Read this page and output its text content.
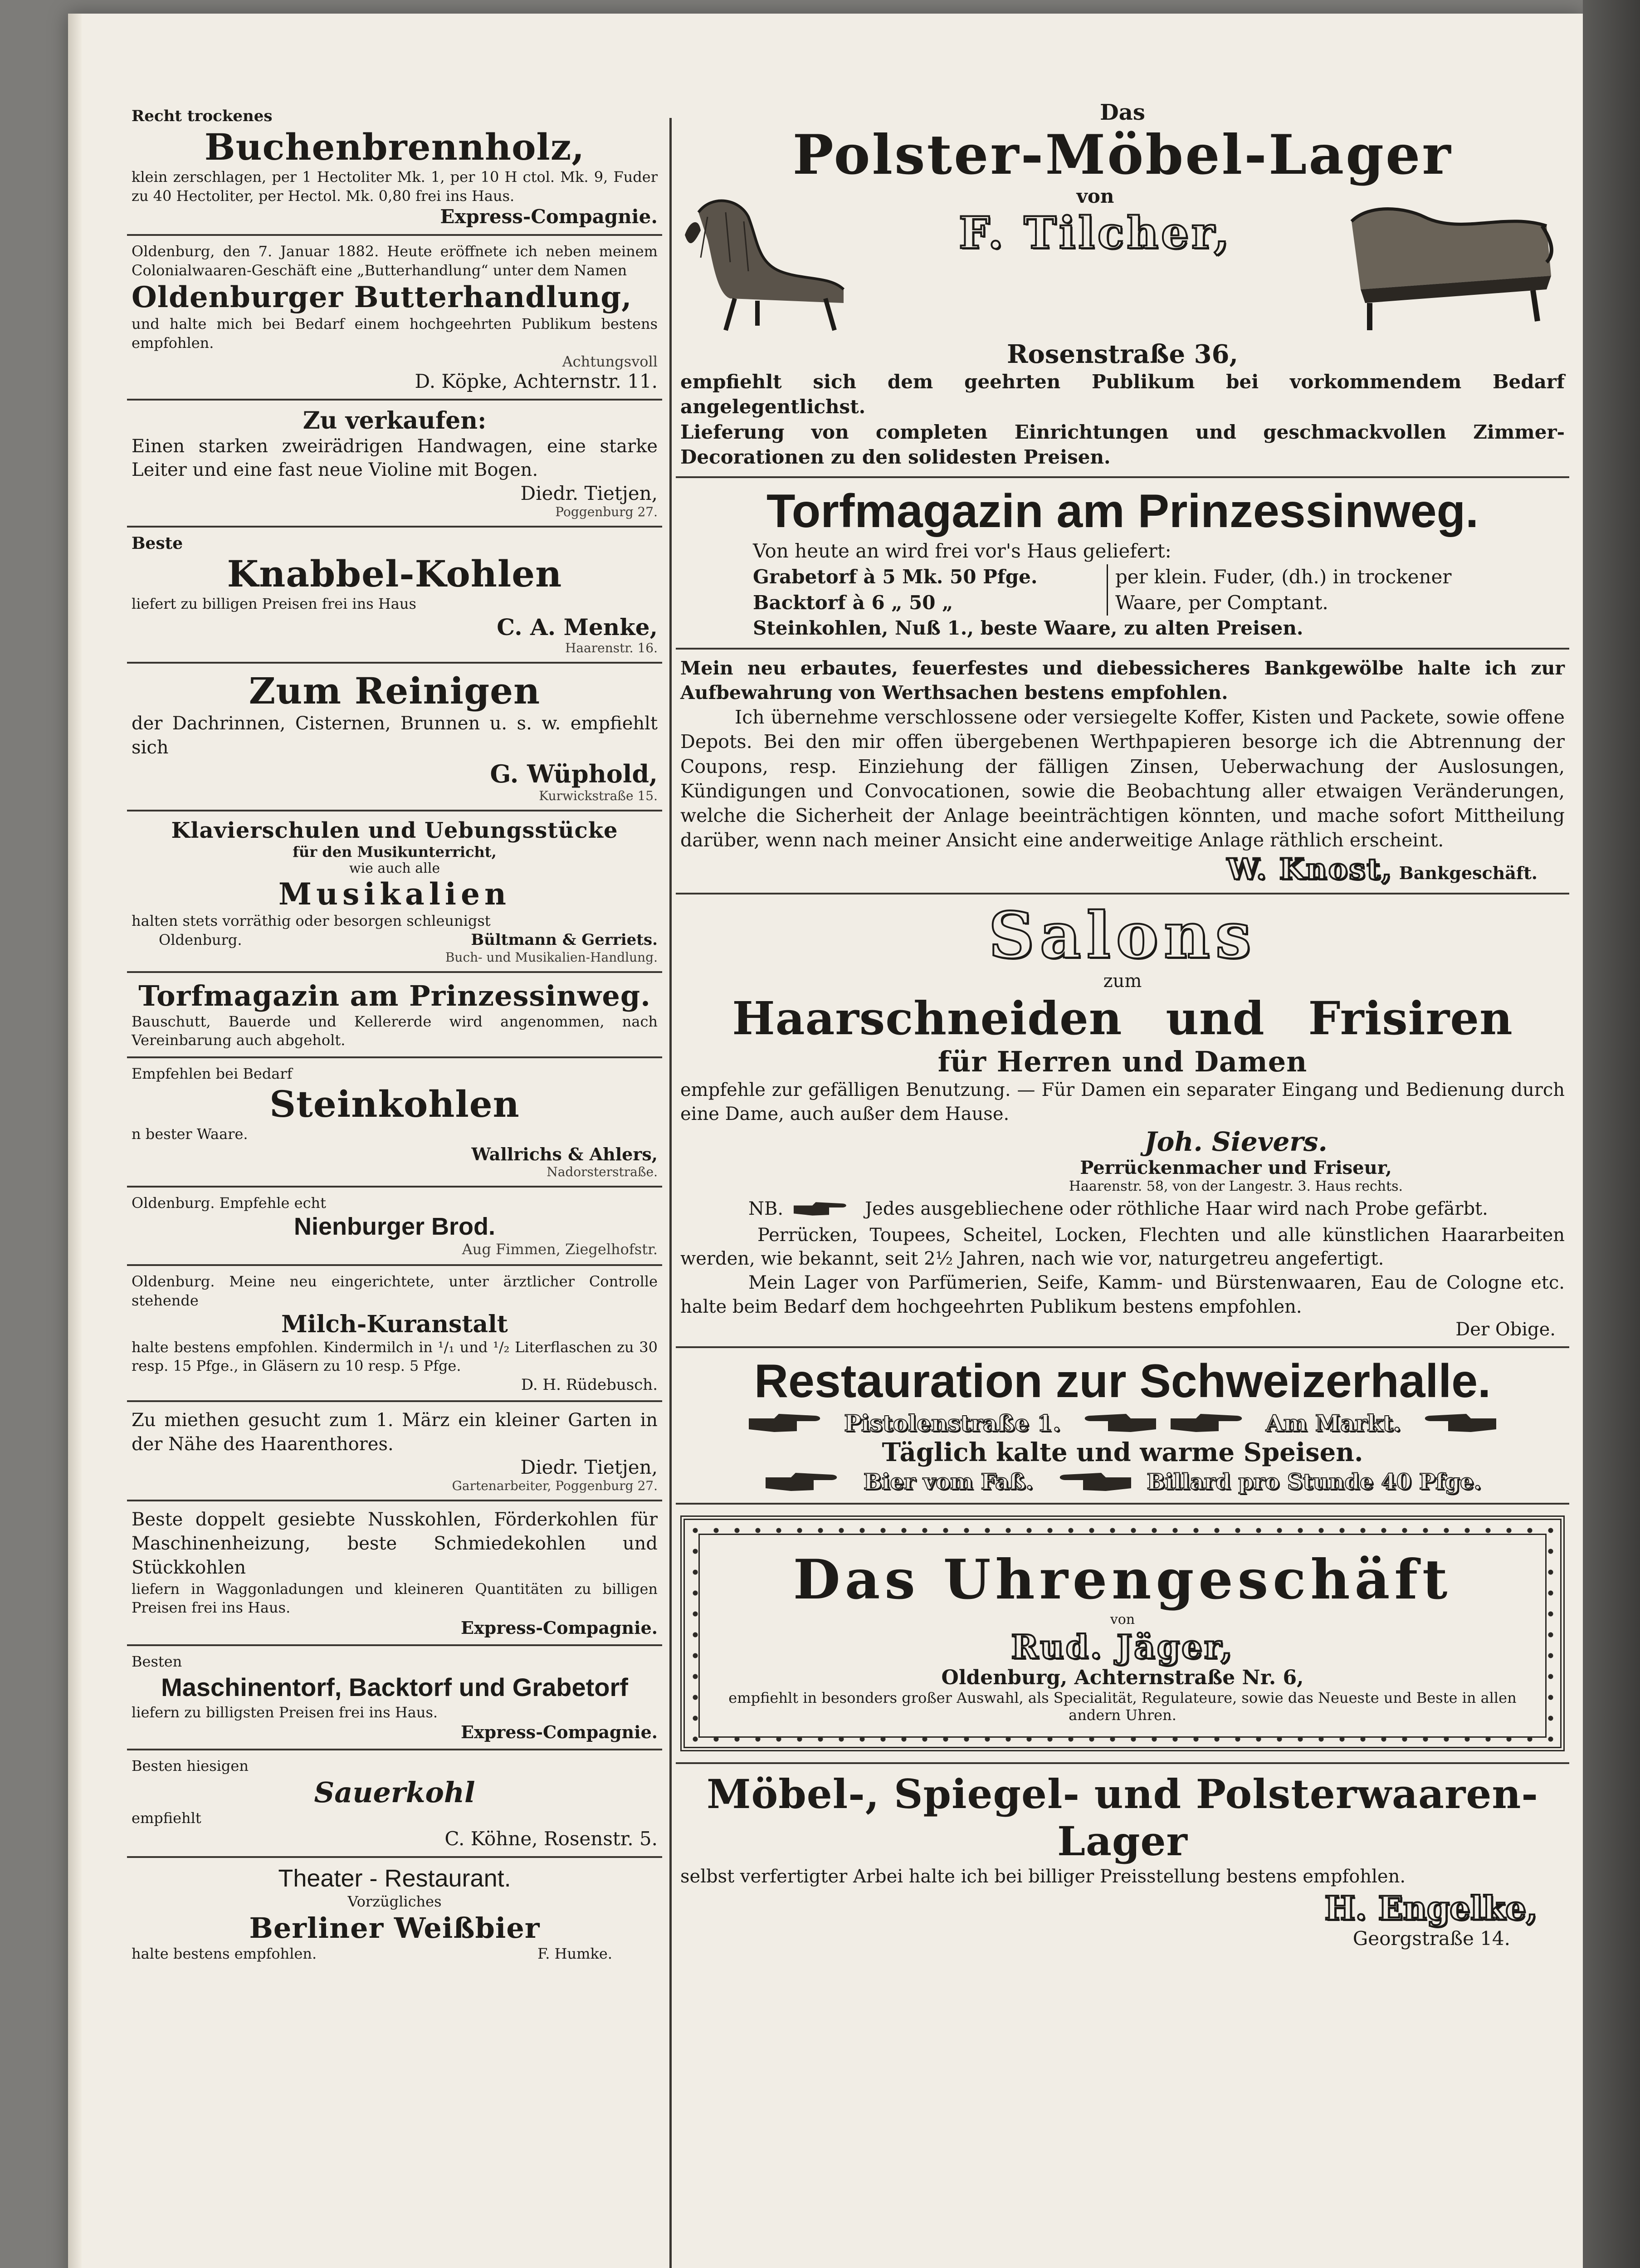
Recht trockenes

Buchenbrennholz,

klein zerschlagen, per 1 Hectoliter Mk. 1, per 10 H ctol. Mk. 9, Fuder zu 40 Hectoliter, per Hectol. Mk. 0,80 frei ins Haus.

Express-Compagnie.

Oldenburg, den 7. Januar 1882. Heute eröffnete ich neben meinem Colonialwaaren-Geschäft eine „Butterhandlung“ unter dem Namen

Oldenburger Butterhandlung,

und halte mich bei Bedarf einem hochgeehrten Publikum bestens empfohlen.

Achtungsvoll

D. Köpke, Achternstr. 11.

Zu verkaufen:

Einen starken zweirädrigen Handwagen, eine starke Leiter und eine fast neue Violine mit Bogen.

Diedr. Tietjen,

Poggenburg 27.

Beste

Knabbel-Kohlen

liefert zu billigen Preisen frei ins Haus

C. A. Menke,

Haarenstr. 16.

Zum Reinigen

der Dachrinnen, Cisternen, Brunnen u. s. w. empfiehlt sich

G. Wüphold,

Kurwickstraße 15.

Klavierschulen und Uebungsstücke

für den Musikunterricht,

wie auch alle

Musikalien

halten stets vorräthig oder besorgen schleunigst

Oldenburg.	Bültmann & Gerriets.

Buch- und Musikalien-Handlung.

Torfmagazin am Prinzessinweg.

Bauschutt, Bauerde und Kellererde wird angenommen, nach Vereinbarung auch abgeholt.

Empfehlen bei Bedarf

Steinkohlen

n bester Waare.

Wallrichs & Ahlers,

Nadorsterstraße.

Oldenburg. Empfehle echt

Nienburger Brod.

Aug Fimmen, Ziegelhofstr.

Oldenburg. Meine neu eingerichtete, unter ärztlicher Controlle stehende

Milch-Kuranstalt

halte bestens empfohlen. Kindermilch in ¹/₁ und ¹/₂ Literflaschen zu 30 resp. 15 Pfge., in Gläsern zu 10 resp. 5 Pfge.

D. H. Rüdebusch.

Zu miethen gesucht zum 1. März ein kleiner Garten in der Nähe des Haarenthores.

Diedr. Tietjen,

Gartenarbeiter, Poggenburg 27.

Beste doppelt gesiebte Nusskohlen, Förderkohlen für Maschinenheizung, beste Schmiedekohlen und Stückkohlen

liefern in Waggonladungen und kleineren Quantitäten zu billigen Preisen frei ins Haus.

Express-Compagnie.

Besten

Maschinentorf, Backtorf und Grabetorf

liefern zu billigsten Preisen frei ins Haus.

Express-Compagnie.

Besten hiesigen

Sauerkohl

empfiehlt

C. Köhne, Rosenstr. 5.

Theater - Restaurant.

Vorzügliches

Berliner Weißbier

halte bestens empfohlen.	F. Humke.

Das

Polster-Möbel-Lager

von

F. Tilcher,

Rosenstraße 36,

empfiehlt sich dem geehrten Publikum bei vorkommendem Bedarf angelegentlichst.

Lieferung von completen Einrichtungen und geschmackvollen Zimmer-Decorationen zu den solidesten Preisen.

Torfmagazin am Prinzessinweg.

Von heute an wird frei vor's Haus geliefert:

Grabetorf à 5 Mk. 50 Pfge.	per klein. Fuder, (dh.) in trockener
Backtorf à 6 „ 50 „	Waare, per Comptant.

Steinkohlen, Nuß 1., beste Waare, zu alten Preisen.

Mein neu erbautes, feuerfestes und diebessicheres Bankgewölbe halte ich zur Aufbewahrung von Werthsachen bestens empfohlen.

Ich übernehme verschlossene oder versiegelte Koffer, Kisten und Packete, sowie offene Depots. Bei den mir offen übergebenen Werthpapieren besorge ich die Abtrennung der Coupons, resp. Einziehung der fälligen Zinsen, Ueberwachung der Auslosungen, Kündigungen und Convocationen, sowie die Beobachtung aller etwaigen Veränderungen, welche die Sicherheit der Anlage beeinträchtigen könnten, und mache sofort Mittheilung darüber, wenn nach meiner Ansicht eine anderweitige Anlage räthlich erscheint.

W. Knost, Bankgeschäft.

Salons

zum

Haarschneiden und Frisiren

für Herren und Damen

empfehle zur gefälligen Benutzung. — Für Damen ein separater Eingang und Bedienung durch eine Dame, auch außer dem Hause.

Joh. Sievers.

Perrückenmacher und Friseur,

Haarenstr. 58, von der Langestr. 3. Haus rechts.

NB.	Jedes ausgebliechene oder röthliche Haar wird nach Probe gefärbt.

Perrücken, Toupees, Scheitel, Locken, Flechten und alle künstlichen Haararbeiten werden, wie bekannt, seit 2½ Jahren, nach wie vor, naturgetreu angefertigt.

Mein Lager von Parfümerien, Seife, Kamm- und Bürstenwaaren, Eau de Cologne etc. halte beim Bedarf dem hochgeehrten Publikum bestens empfohlen.

Der Obige.

Restauration zur Schweizerhalle.

Pistolenstraße 1.	Am Markt.

Täglich kalte und warme Speisen.

Bier vom Faß.	Billard pro Stunde 40 Pfge.

Das Uhrengeschäft

von

Rud. Jäger,

Oldenburg, Achternstraße Nr. 6,

empfiehlt in besonders großer Auswahl, als Specialität, Regulateure, sowie das Neueste und Beste in allen andern Uhren.

Möbel-, Spiegel- und Polsterwaaren-Lager

selbst verfertigter Arbei halte ich bei billiger Preisstellung bestens empfohlen.

H. Engelke,

Georgstraße 14.
